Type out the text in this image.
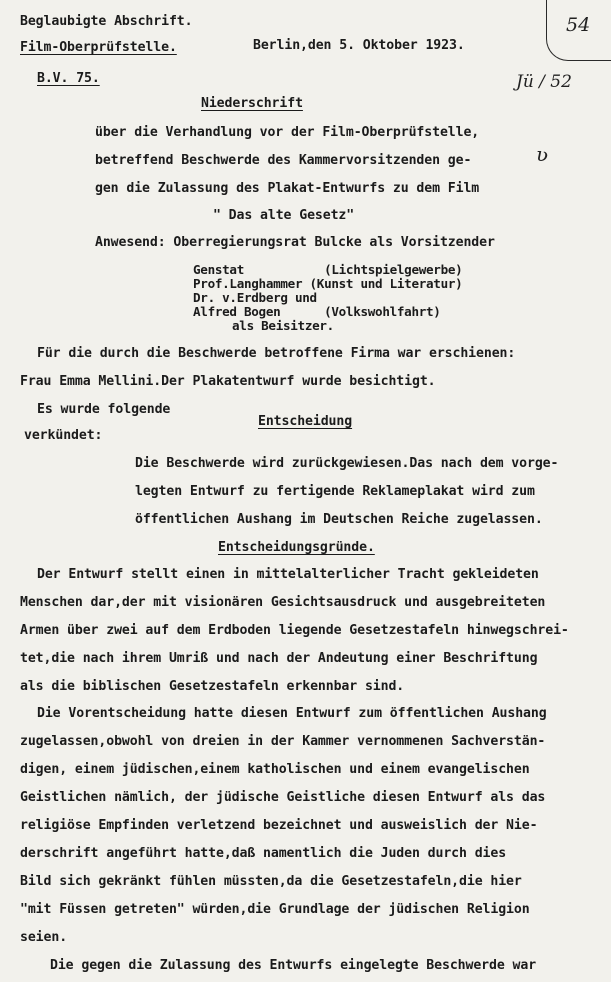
54
Jü / 52
ʋ
Beglaubigte Abschrift.
Film-Oberprüfstelle.	Berlin,den 5. Oktober 1923.
B.V. 75.
Niederschrift
über die Verhandlung vor der Film-Oberprüfstelle,
betreffend Beschwerde des Kammervorsitzenden ge-
gen die Zulassung des Plakat-Entwurfs zu dem Film
" Das alte Gesetz"
Anwesend: Oberregierungsrat Bulcke als Vorsitzender
Genstat           (Lichtspielgewerbe)
Prof.Langhammer (Kunst und Literatur)
Dr. v.Erdberg und
Alfred Bogen      (Volkswohlfahrt)
als Beisitzer.
Für die durch die Beschwerde betroffene Firma war erschienen:
Frau Emma Mellini.Der Plakatentwurf wurde besichtigt.
Es wurde folgende
Entscheidung
verkündet:
Die Beschwerde wird zurückgewiesen.Das nach dem vorge-
legten Entwurf zu fertigende Reklameplakat wird zum
öffentlichen Aushang im Deutschen Reiche zugelassen.
Entscheidungsgründe.
Der Entwurf stellt einen in mittelalterlicher Tracht gekleideten
Menschen dar,der mit visionären Gesichtsausdruck und ausgebreiteten
Armen über zwei auf dem Erdboden liegende Gesetzestafeln hinwegschrei-
tet,die nach ihrem Umriß und nach der Andeutung einer Beschriftung
als die biblischen Gesetzestafeln erkennbar sind.
Die Vorentscheidung hatte diesen Entwurf zum öffentlichen Aushang
zugelassen,obwohl von dreien in der Kammer vernommenen Sachverstän-
digen, einem jüdischen,einem katholischen und einem evangelischen
Geistlichen nämlich, der jüdische Geistliche diesen Entwurf als das
religiöse Empfinden verletzend bezeichnet und ausweislich der Nie-
derschrift angeführt hatte,daß namentlich die Juden durch dies
Bild sich gekränkt fühlen müssten,da die Gesetzestafeln,die hier
"mit Füssen getreten" würden,die Grundlage der jüdischen Religion
seien.
Die gegen die Zulassung des Entwurfs eingelegte Beschwerde war
